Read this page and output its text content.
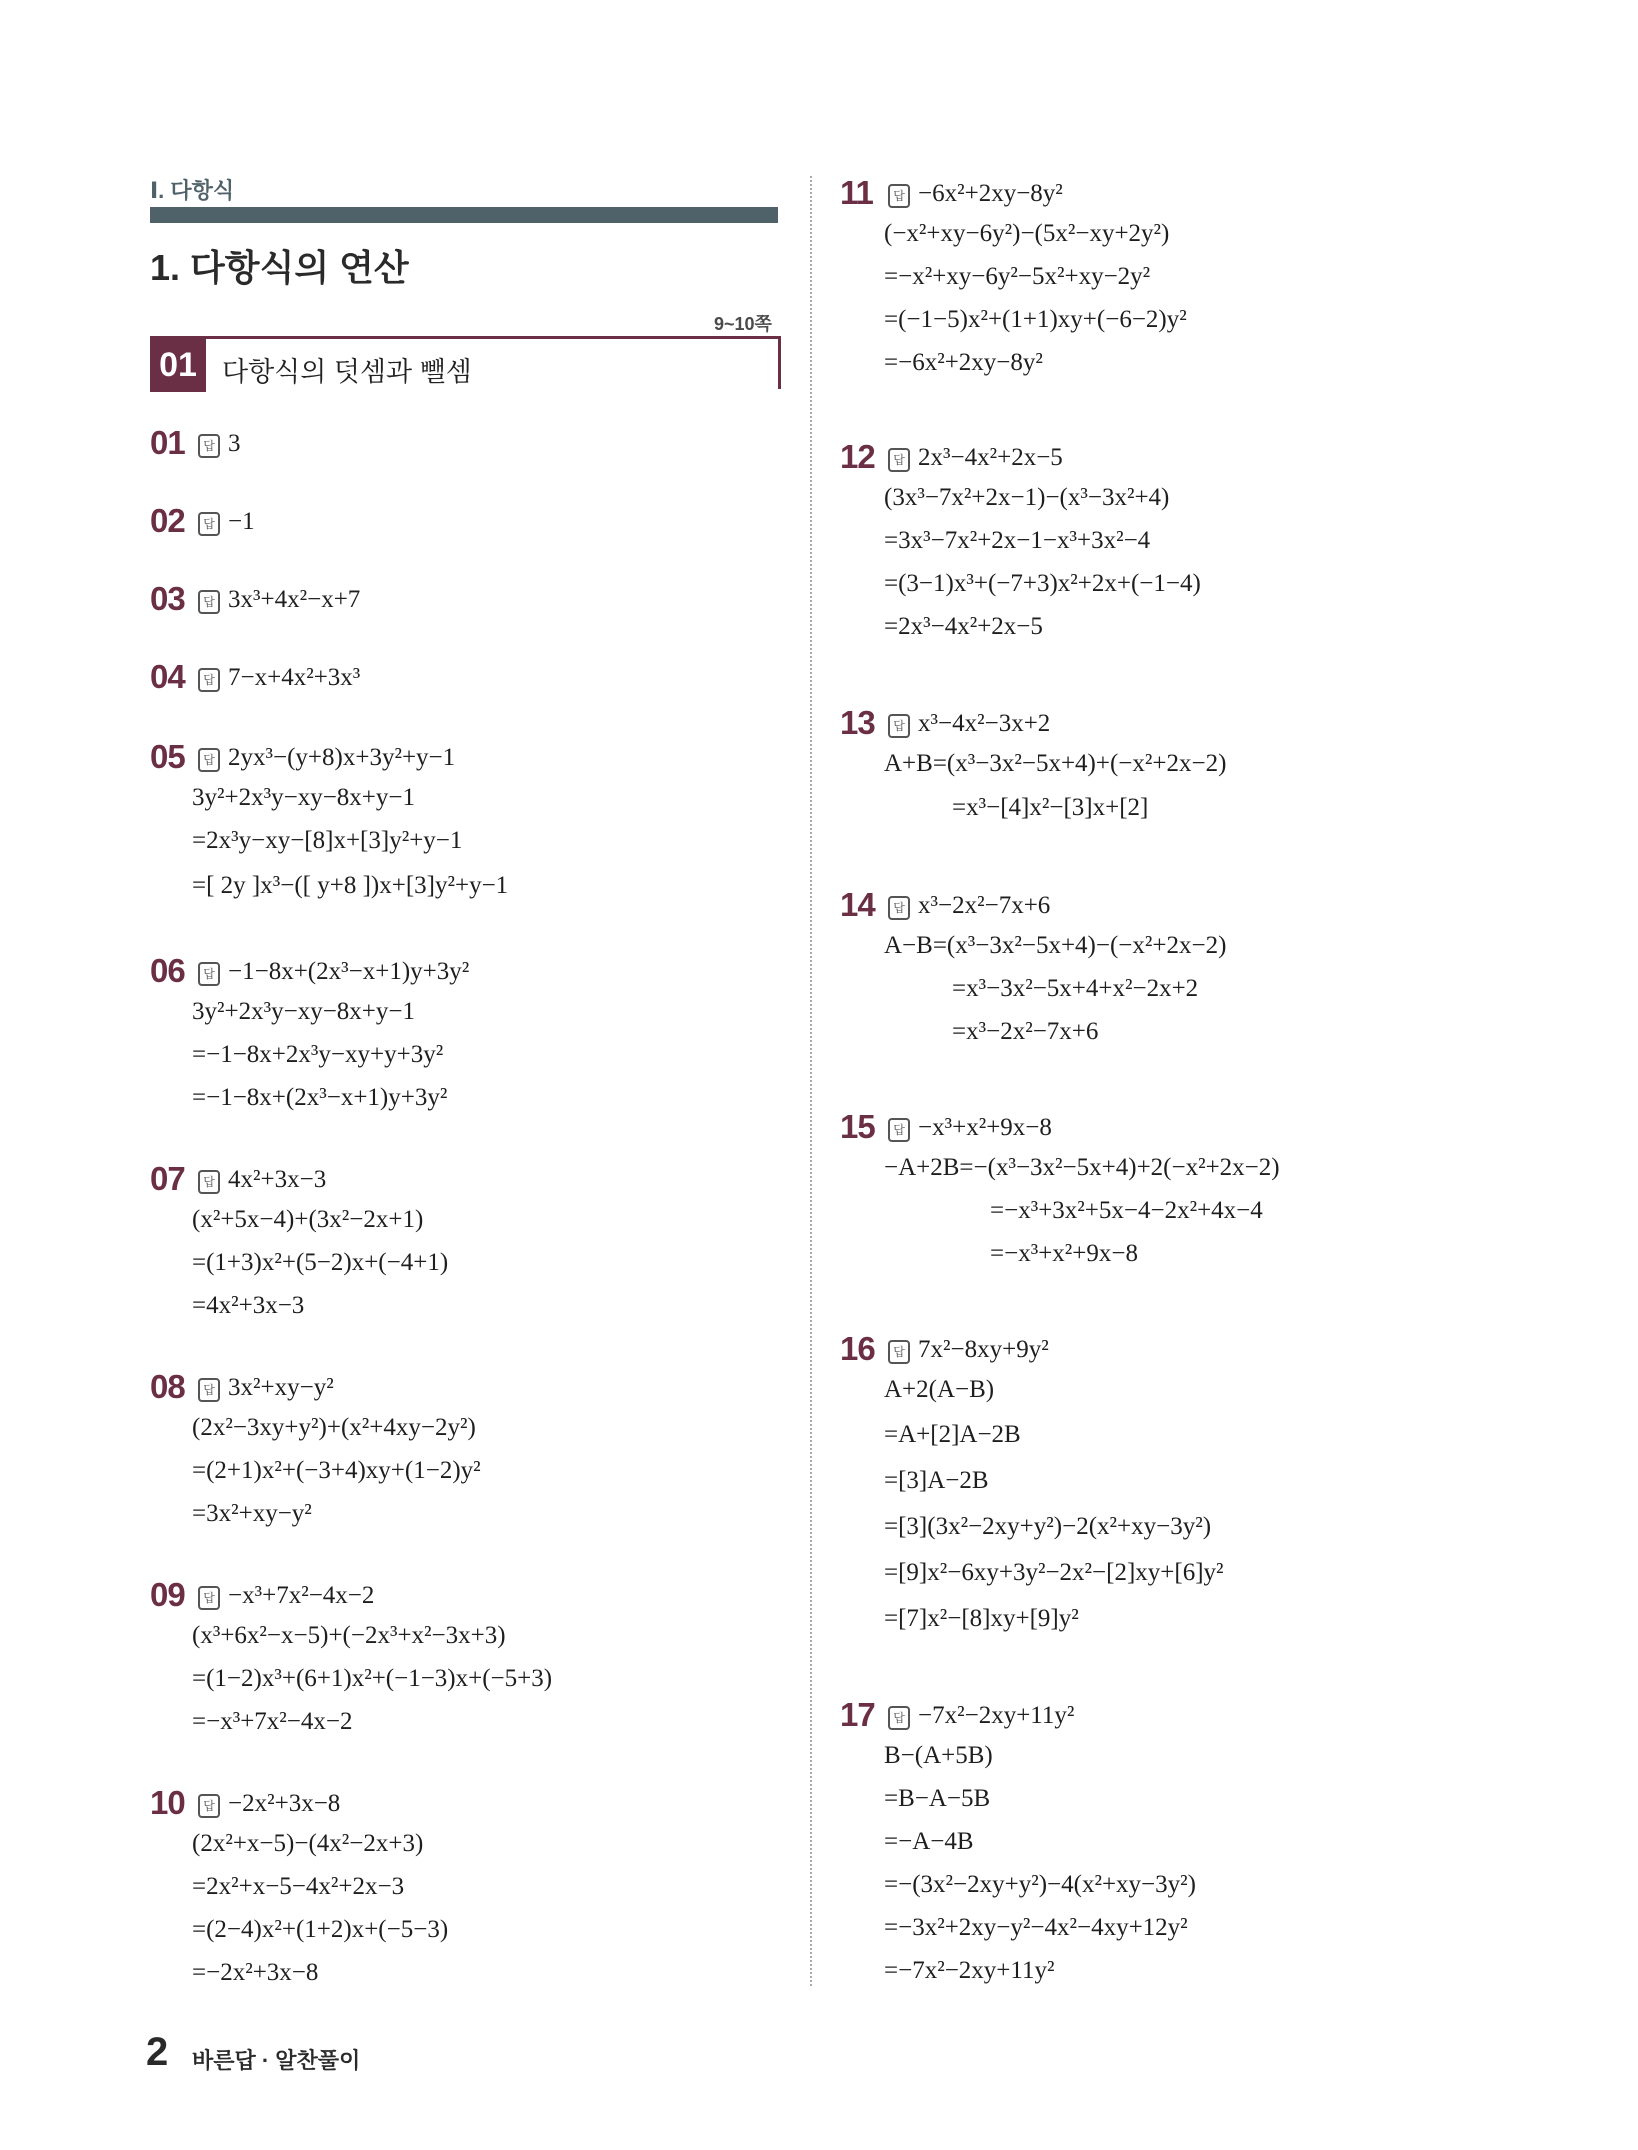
Ⅰ. 다항식
1. 다항식의 연산
9~10쪽
01 다항식의 덧셈과 뺄셈
01	답 3
02	답 −1
03	답 3x³+4x²−x+7
04	답 7−x+4x²+3x³
05	답 2yx³−(y+8)x+3y²+y−1
3y²+2x³y−xy−8x+y−1
=2x³y−xy−[8]x+[3]y²+y−1
=[ 2y ]x³−([ y+8 ])x+[3]y²+y−1
06	답 −1−8x+(2x³−x+1)y+3y²
3y²+2x³y−xy−8x+y−1
=−1−8x+2x³y−xy+y+3y²
=−1−8x+(2x³−x+1)y+3y²
07	답 4x²+3x−3
(x²+5x−4)+(3x²−2x+1)
=(1+3)x²+(5−2)x+(−4+1)
=4x²+3x−3
08	답 3x²+xy−y²
(2x²−3xy+y²)+(x²+4xy−2y²)
=(2+1)x²+(−3+4)xy+(1−2)y²
=3x²+xy−y²
09	답 −x³+7x²−4x−2
(x³+6x²−x−5)+(−2x³+x²−3x+3)
=(1−2)x³+(6+1)x²+(−1−3)x+(−5+3)
=−x³+7x²−4x−2
10	답 −2x²+3x−8
(2x²+x−5)−(4x²−2x+3)
=2x²+x−5−4x²+2x−3
=(2−4)x²+(1+2)x+(−5−3)
=−2x²+3x−8
11	답 −6x²+2xy−8y²
(−x²+xy−6y²)−(5x²−xy+2y²)
=−x²+xy−6y²−5x²+xy−2y²
=(−1−5)x²+(1+1)xy+(−6−2)y²
=−6x²+2xy−8y²
12	답 2x³−4x²+2x−5
(3x³−7x²+2x−1)−(x³−3x²+4)
=3x³−7x²+2x−1−x³+3x²−4
=(3−1)x³+(−7+3)x²+2x+(−1−4)
=2x³−4x²+2x−5
13	답 x³−4x²−3x+2
A+B=(x³−3x²−5x+4)+(−x²+2x−2)
=x³−[4]x²−[3]x+[2]
14	답 x³−2x²−7x+6
A−B=(x³−3x²−5x+4)−(−x²+2x−2)
=x³−3x²−5x+4+x²−2x+2
=x³−2x²−7x+6
15	답 −x³+x²+9x−8
−A+2B=−(x³−3x²−5x+4)+2(−x²+2x−2)
=−x³+3x²+5x−4−2x²+4x−4
=−x³+x²+9x−8
16	답 7x²−8xy+9y²
A+2(A−B)
=A+[2]A−2B
=[3]A−2B
=[3](3x²−2xy+y²)−2(x²+xy−3y²)
=[9]x²−6xy+3y²−2x²−[2]xy+[6]y²
=[7]x²−[8]xy+[9]y²
17	답 −7x²−2xy+11y²
B−(A+5B)
=B−A−5B
=−A−4B
=−(3x²−2xy+y²)−4(x²+xy−3y²)
=−3x²+2xy−y²−4x²−4xy+12y²
=−7x²−2xy+11y²
2 바른답 · 알찬풀이
